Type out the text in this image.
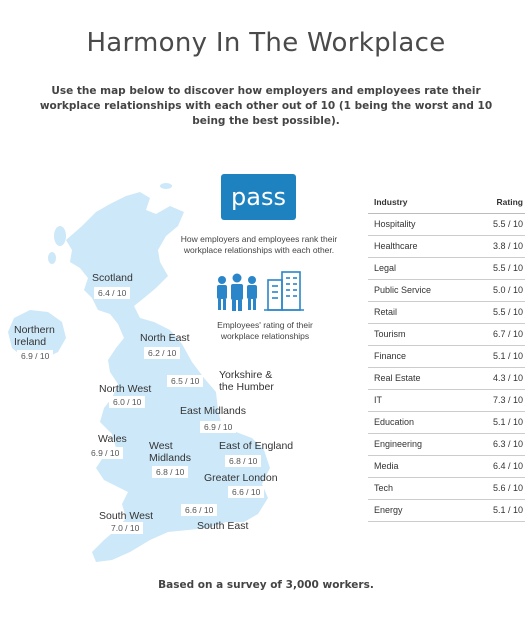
Harmony In The Workplace
Use the map below to discover how employers and employees rate their workplace relationships with each other out of 10 (1 being the worst and 10 being the best possible).
Scotland
6.4 / 10
Northern Ireland
6.9 / 10
North East
6.2 / 10
Yorkshire & the Humber
6.5 / 10
North West
6.0 / 10
East Midlands
6.9 / 10
Wales
6.9 / 10
West Midlands
6.8 / 10
East of England
6.8 / 10
Greater London
6.6 / 10
South West
7.0 / 10	South East
6.6 / 10
pass
How employers and employees rank their workplace relationships with each other.
Employees' rating of their workplace relationships
Industry	Rating
Hospitality	5.5 / 10
Healthcare	3.8 / 10
Legal	5.5 / 10
Public Service	5.0 / 10
Retail	5.5 / 10
Tourism	6.7 / 10
Finance	5.1 / 10
Real Estate	4.3 / 10
IT	7.3 / 10
Education	5.1 / 10
Engineering	6.3 / 10
Media	6.4 / 10
Tech	5.6 / 10
Energy	5.1 / 10
Based on a survey of 3,000 workers.
